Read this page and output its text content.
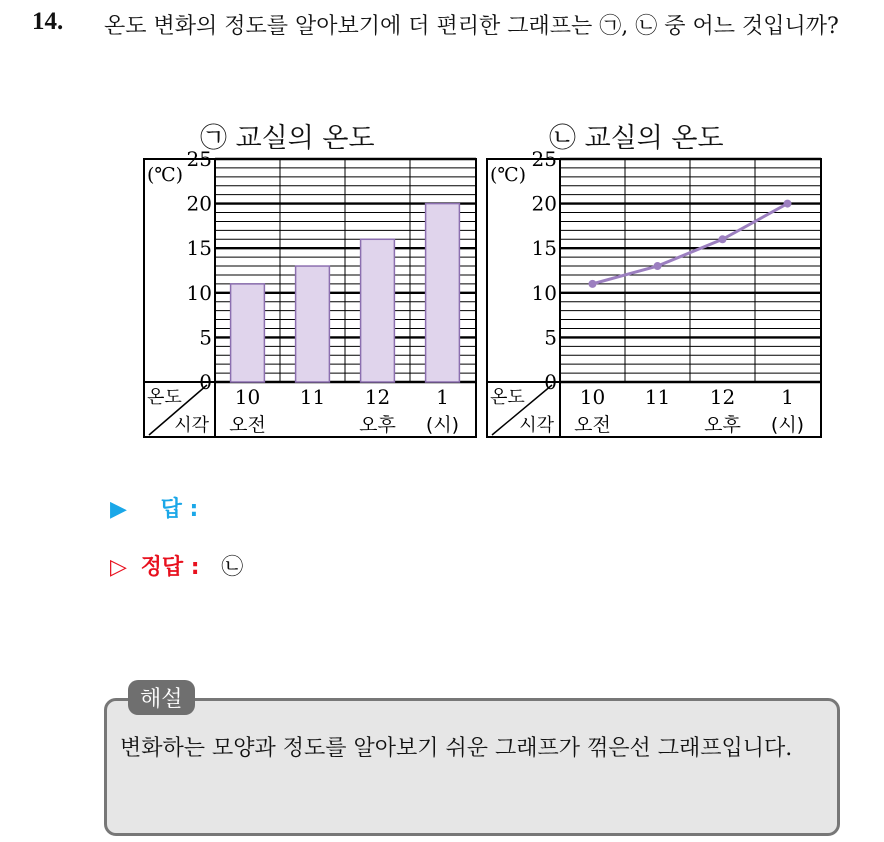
14. 온도 변화의 정도를 알아보기에 더 편리한 그래프는 ㉠, ㉡ 중 어느 것입니까?
㉠ 교실의 온도	㉡ 교실의 온도
0
5
10
15
20
25
(℃)
온도
시각
10 11 12 1
오전	오후 (시)
0
5
10
15
20
25
(℃)
온도
시각
10 11 12 1
오전	오후 (시)
▶ 답 :
▷ 정답 : ㉡
해설
변화하는 모양과 정도를 알아보기 쉬운 그래프가 꺾은선 그래프입니다.
